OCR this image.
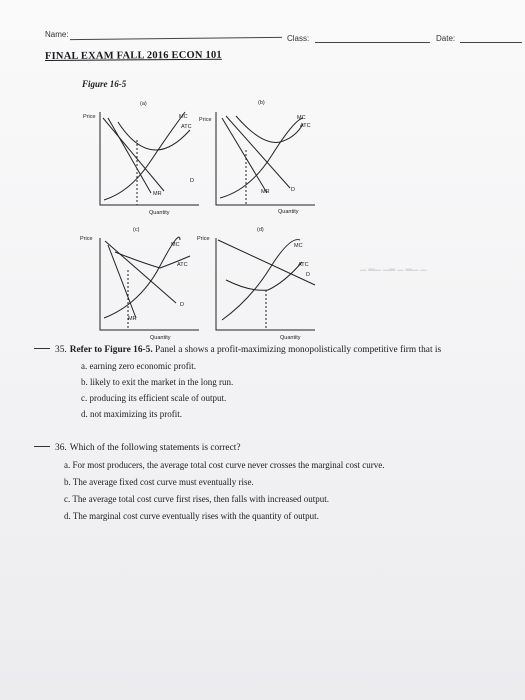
Name:	Class:	Date:
FINAL EXAM FALL 2016 ECON 101
Figure 16-5
▁ ▂▁ ▁▂ ▁ ▂▁ ▁
(a)
Price	MC
ATC
D
MR
Quantity
(b)
Price	MC
ATC
D
MR
Quantity
(c)
Price
MC
ATC
D
MR
Quantity
(d)
Price
MC
ATC
D
Quantity
35. Refer to Figure 16-5. Panel a shows a profit-maximizing monopolistically competitive firm that is
a. earning zero economic profit.
b. likely to exit the market in the long run.
c. producing its efficient scale of output.
d. not maximizing its profit.
36. Which of the following statements is correct?
a. For most producers, the average total cost curve never crosses the marginal cost curve.
b. The average fixed cost curve must eventually rise.
c. The average total cost curve first rises, then falls with increased output.
d. The marginal cost curve eventually rises with the quantity of output.
